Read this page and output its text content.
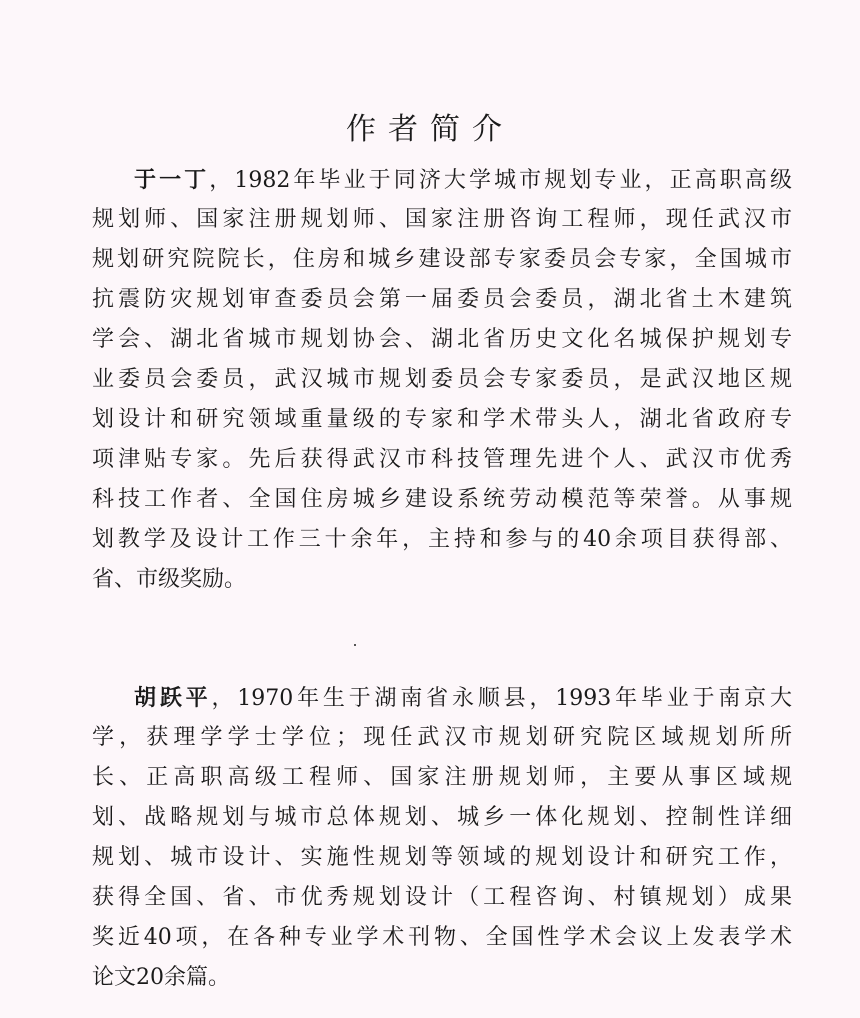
作者简介
于一丁，1982年毕业于同济大学城市规划专业，正高职高级
规划师、国家注册规划师、国家注册咨询工程师，现任武汉市
规划研究院院长，住房和城乡建设部专家委员会专家，全国城市
抗震防灾规划审查委员会第一届委员会委员，湖北省土木建筑
学会、湖北省城市规划协会、湖北省历史文化名城保护规划专
业委员会委员，武汉城市规划委员会专家委员，是武汉地区规
划设计和研究领域重量级的专家和学术带头人，湖北省政府专
项津贴专家。先后获得武汉市科技管理先进个人、武汉市优秀
科技工作者、全国住房城乡建设系统劳动模范等荣誉。从事规
划教学及设计工作三十余年，主持和参与的40余项目获得部、
省、市级奖励。
胡跃平，1970年生于湖南省永顺县，1993年毕业于南京大
学，获理学学士学位；现任武汉市规划研究院区域规划所所
长、正高职高级工程师、国家注册规划师，主要从事区域规
划、战略规划与城市总体规划、城乡一体化规划、控制性详细
规划、城市设计、实施性规划等领域的规划设计和研究工作，
获得全国、省、市优秀规划设计（工程咨询、村镇规划）成果
奖近40项，在各种专业学术刊物、全国性学术会议上发表学术
论文20余篇。
